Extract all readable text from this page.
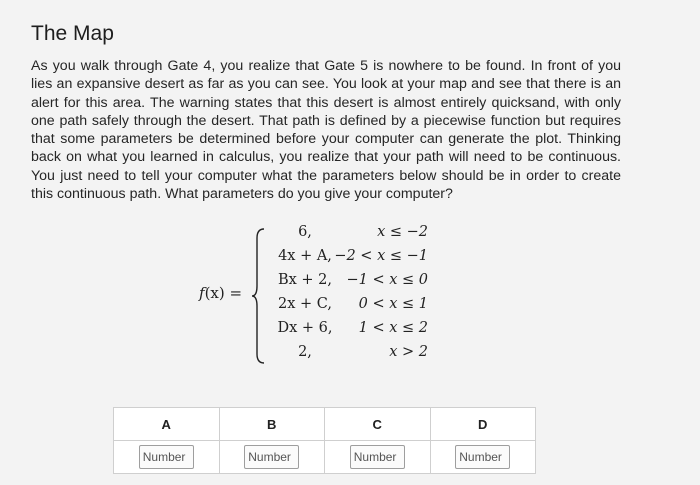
The Map

As you walk through Gate 4, you realize that Gate 5 is nowhere to be found. In front of you lies an expansive desert as far as you can see. You look at your map and see that there is an alert for this area. The warning states that this desert is almost entirely quicksand, with only one path safely through the desert. That path is defined by a piecewise function but requires that some parameters be determined before your computer can generate the plot. Thinking back on what you learned in calculus, you realize that your path will need to be continuous. You just need to tell your computer what the parameters below should be in order to create this continuous path. What parameters do you give your computer?

f(x) =
6,	x ≤ −2
4x + A, −2 < x ≤ −1
Bx + 2, −1 < x ≤ 0
2x + C,	0 < x ≤ 1
Dx + 6,	1 < x ≤ 2
2,	x > 2
A	B	C	D
Number	Number	Number	Number
